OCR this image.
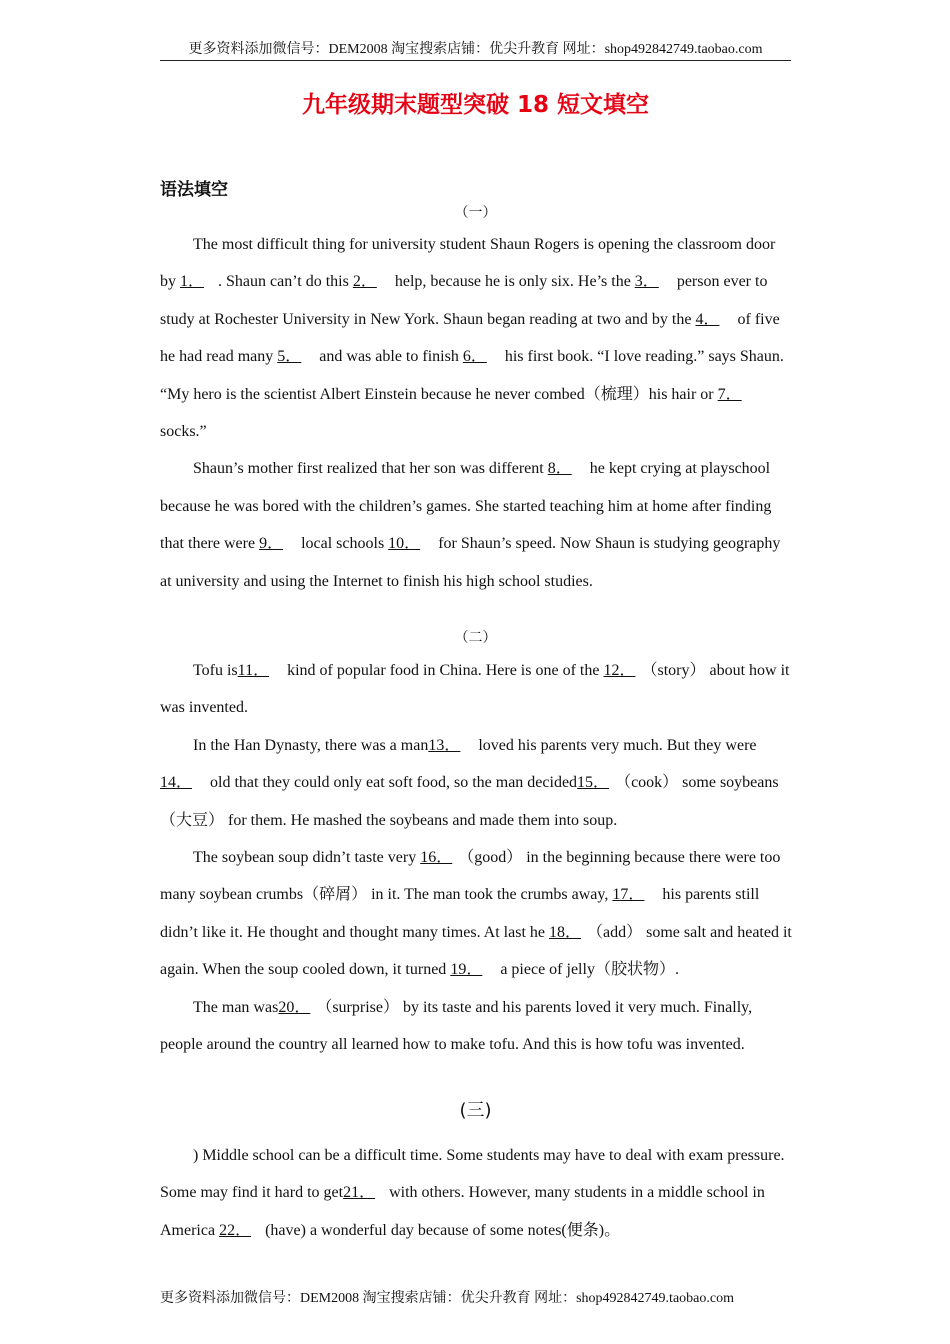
更多资料添加微信号：DEM2008 淘宝搜索店铺：优尖升教育 网址：shop492842749.taobao.com
九年级期末题型突破 18 短文填空
语法填空
（一）

The most difficult thing for university student Shaun Rogers is opening the classroom door by 1． . Shaun can’t do this 2． help, because he is only six. He’s the 3． person ever to study at Rochester University in New York. Shaun began reading at two and by the 4． of five he had read many 5． and was able to finish 6． his first book. “I love reading.” says Shaun. “My hero is the scientist Albert Einstein because he never combed（梳理）his hair or 7． socks.”

Shaun’s mother first realized that her son was different 8． he kept crying at playschool because he was bored with the children’s games. She started teaching him at home after finding that there were 9． local schools 10． for Shaun’s speed. Now Shaun is studying geography at university and using the Internet to finish his high school studies.

（二）

Tofu is11． kind of popular food in China. Here is one of the 12． （story） about how it was invented.

In the Han Dynasty, there was a man13． loved his parents very much. But they were 14． old that they could only eat soft food, so the man decided15． （cook） some soybeans（大豆） for them. He mashed the soybeans and made them into soup.

The soybean soup didn’t taste very 16． （good） in the beginning because there were too many soybean crumbs（碎屑） in it. The man took the crumbs away, 17． his parents still didn’t like it. He thought and thought many times. At last he 18． （add） some salt and heated it again. When the soup cooled down, it turned 19． a piece of jelly（胶状物）.

The man was20． （surprise） by its taste and his parents loved it very much. Finally, people around the country all learned how to make tofu. And this is how tofu was invented.

(三)

) Middle school can be a difficult time. Some students may have to deal with exam pressure. Some may find it hard to get21． with others. However, many students in a middle school in America 22． (have) a wonderful day because of some notes(便条)。

更多资料添加微信号：DEM2008 淘宝搜索店铺：优尖升教育 网址：shop492842749.taobao.com
